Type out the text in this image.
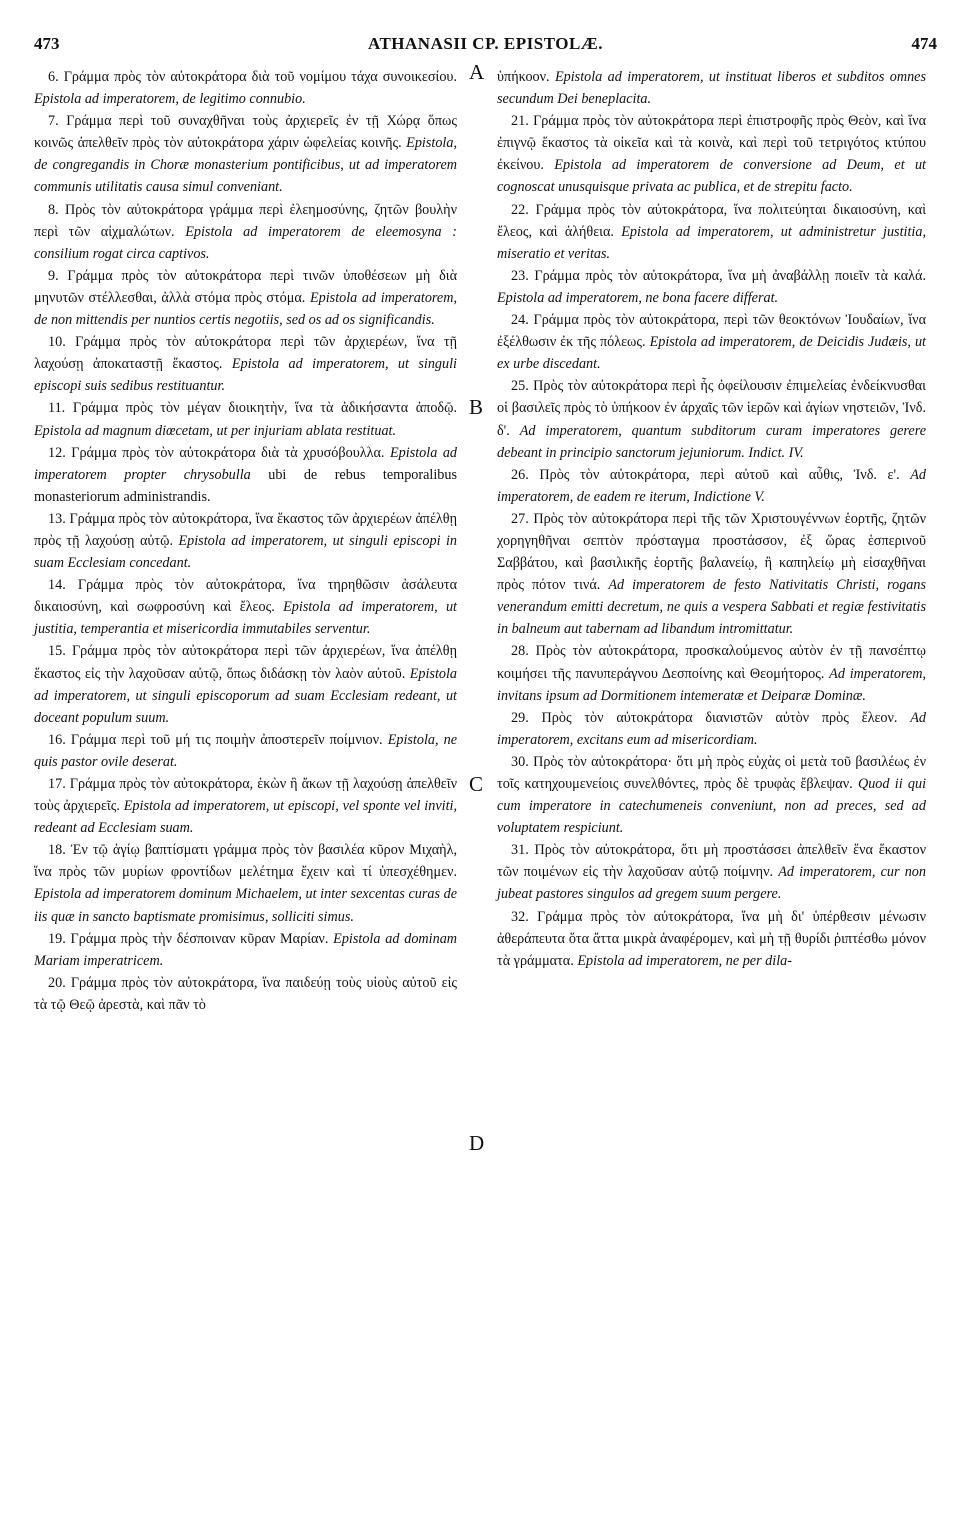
473	ATHANASII CP. EPISTOLÆ.	474

6. Γράμμα πρὸς τὸν αὐτοκράτορα διὰ τοῦ νομίμου τάχα συνοικεσίου. Epistola ad imperatorem, de legitimo connubio.

7. Γράμμα περὶ τοῦ συναχθῆναι τοὺς ἀρχιερεῖς ἐν τῇ Χώρᾳ ὅπως κοινῶς ἀπελθεῖν πρὸς τὸν αὐτοκράτορα χάριν ὠφελείας κοινῆς. Epistola, de congregandis in Choræ monasterium pontificibus, ut ad imperatorem communis utilitatis causa simul conveniant.

8. Πρὸς τὸν αὐτοκράτορα γράμμα περὶ ἐλεημοσύνης, ζητῶν βουλὴν περὶ τῶν αἰχμαλώτων. Epistola ad imperatorem de eleemosyna : consilium rogat circa captivos.

9. Γράμμα πρὸς τὸν αὐτοκράτορα περὶ τινῶν ὑποθέσεων μὴ διὰ μηνυτῶν στέλλεσθαι, ἀλλὰ στόμα πρὸς στόμα. Epistola ad imperatorem, de non mittendis per nuntios certis negotiis, sed os ad os significandis.

10. Γράμμα πρὸς τὸν αὐτοκράτορα περὶ τῶν ἀρχιερέων, ἵνα τῇ λαχούσῃ ἀποκαταστῇ ἕκαστος. Epistola ad imperatorem, ut singuli episcopi suis sedibus restituantur.

11. Γράμμα πρὸς τὸν μέγαν διοικητὴν, ἵνα τὰ ἀδικήσαντα ἀποδῷ. Epistola ad magnum diœcetam, ut per injuriam ablata restituat.

12. Γράμμα πρὸς τὸν αὐτοκράτορα διὰ τὰ χρυσόβουλλα. Epistola ad imperatorem propter chrysobulla ubi de rebus temporalibus monasteriorum administrandis.

13. Γράμμα πρὸς τὸν αὐτοκράτορα, ἵνα ἕκαστος τῶν ἀρχιερέων ἀπέλθῃ πρὸς τῇ λαχούσῃ αὐτῷ. Epistola ad imperatorem, ut singuli episcopi in suam Ecclesiam concedant.

14. Γράμμα πρὸς τὸν αὐτοκράτορα, ἵνα τηρηθῶσιν ἀσάλευτα δικαιοσύνη, καὶ σωφροσύνη καὶ ἔλεος. Epistola ad imperatorem, ut justitia, temperantia et misericordia immutabiles serventur.

15. Γράμμα πρὸς τὸν αὐτοκράτορα περὶ τῶν ἀρχιερέων, ἵνα ἀπέλθῃ ἕκαστος εἰς τὴν λαχοῦσαν αὐτῷ, ὅπως διδάσκῃ τὸν λαὸν αὐτοῦ. Epistola ad imperatorem, ut singuli episcoporum ad suam Ecclesiam redeant, ut doceant populum suum.

16. Γράμμα περὶ τοῦ μή τις ποιμὴν ἀποστερεῖν ποίμνιον. Epistola, ne quis pastor ovile deserat.

17. Γράμμα πρὸς τὸν αὐτοκράτορα, ἑκὼν ἢ ἄκων τῇ λαχούσῃ ἀπελθεῖν τοὺς ἀρχιερεῖς. Epistola ad imperatorem, ut episcopi, vel sponte vel inviti, redeant ad Ecclesiam suam.

18. Ἐν τῷ ἁγίῳ βαπτίσματι γράμμα πρὸς τὸν βασιλέα κῦρον Μιχαὴλ, ἵνα πρὸς τῶν μυρίων φροντίδων μελέτημα ἔχειν καὶ τί ὑπεσχέθημεν. Epistola ad imperatorem dominum Michaelem, ut inter sexcentas curas de iis quæ in sancto baptismate promisimus, solliciti simus.

19. Γράμμα πρὸς τὴν δέσποιναν κῦραν Μαρίαν. Epistola ad dominam Mariam imperatricem.

20. Γράμμα πρὸς τὸν αὐτοκράτορα, ἵνα παιδεύῃ τοὺς υἱοὺς αὐτοῦ εἰς τὰ τῷ Θεῷ ἀρεστὰ, καὶ πᾶν τὸ

ὑπήκοον. Epistola ad imperatorem, ut instituat liberos et subditos omnes secundum Dei beneplacita.

21. Γράμμα πρὸς τὸν αὐτοκράτορα περὶ ἐπιστροφῆς πρὸς Θεὸν, καὶ ἵνα ἐπιγνῷ ἕκαστος τὰ οἰκεῖα καὶ τὰ κοινὰ, καὶ περὶ τοῦ τετριγότος κτύπου ἐκείνου. Epistola ad imperatorem de conversione ad Deum, et ut cognoscat unusquisque privata ac publica, et de strepitu facto.

22. Γράμμα πρὸς τὸν αὐτοκράτορα, ἵνα πολιτεύηται δικαιοσύνη, καὶ ἔλεος, καὶ ἀλήθεια. Epistola ad imperatorem, ut administretur justitia, miseratio et veritas.

23. Γράμμα πρὸς τὸν αὐτοκράτορα, ἵνα μὴ ἀναβάλλῃ ποιεῖν τὰ καλά. Epistola ad imperatorem, ne bona facere differat.

24. Γράμμα πρὸς τὸν αὐτοκράτορα, περὶ τῶν θεοκτόνων Ἰουδαίων, ἵνα ἐξέλθωσιν ἐκ τῆς πόλεως. Epistola ad imperatorem, de Deicidis Judæis, ut ex urbe discedant.

25. Πρὸς τὸν αὐτοκράτορα περὶ ἧς ὀφείλουσιν ἐπιμελείας ἐνδείκνυσθαι οἱ βασιλεῖς πρὸς τὸ ὑπήκοον ἐν ἀρχαῖς τῶν ἱερῶν καὶ ἁγίων νηστειῶν, Ἰνδ. δ'. Ad imperatorem, quantum subditorum curam imperatores gerere debeant in principio sanctorum jejuniorum. Indict. IV.

26. Πρὸς τὸν αὐτοκράτορα, περὶ αὐτοῦ καὶ αὖθις, Ἰνδ. ε'. Ad imperatorem, de eadem re iterum, Indictione V.

27. Πρὸς τὸν αὐτοκράτορα περὶ τῆς τῶν Χριστουγέννων ἑορτῆς, ζητῶν χορηγηθῆναι σεπτὸν πρόσταγμα προστάσσον, ἐξ ὥρας ἑσπερινοῦ Σαββάτου, καὶ βασιλικῆς ἑορτῆς βαλανείῳ, ἢ καπηλείῳ μὴ εἰσαχθῆναι πρὸς πότον τινά. Ad imperatorem de festo Nativitatis Christi, rogans venerandum emitti decretum, ne quis a vespera Sabbati et regiæ festivitatis in balneum aut tabernam ad libandum intromittatur.

28. Πρὸς τὸν αὐτοκράτορα, προσκαλούμενος αὐτὸν ἐν τῇ πανσέπτῳ κοιμήσει τῆς πανυπεράγνου Δεσποίνης καὶ Θεομήτορος. Ad imperatorem, invitans ipsum ad Dormitionem intemeratæ et Deiparæ Dominæ.

29. Πρὸς τὸν αὐτοκράτορα διανιστῶν αὐτὸν πρὸς ἔλεον. Ad imperatorem, excitans eum ad misericordiam.

30. Πρὸς τὸν αὐτοκράτορα· ὅτι μὴ πρὸς εὐχὰς οἱ μετὰ τοῦ βασιλέως ἐν τοῖς κατηχουμενείοις συνελθόντες, πρὸς δὲ τρυφὰς ἔβλεψαν. Quod ii qui cum imperatore in catechumeneis conveniunt, non ad preces, sed ad voluptatem respiciunt.

31. Πρὸς τὸν αὐτοκράτορα, ὅτι μὴ προστάσσει ἀπελθεῖν ἕνα ἕκαστον τῶν ποιμένων εἰς τὴν λαχοῦσαν αὐτῷ ποίμνην. Ad imperatorem, cur non jubeat pastores singulos ad gregem suum pergere.

32. Γράμμα πρὸς τὸν αὐτοκράτορα, ἵνα μὴ δι' ὑπέρθεσιν μένωσιν ἀθεράπευτα ὅτα ἄττα μικρὰ ἀναφέρομεν, καὶ μὴ τῇ θυρίδι ῥιπτέσθω μόνον τὰ γράμματα. Epistola ad imperatorem, ne per dila-

A
B
C
D
